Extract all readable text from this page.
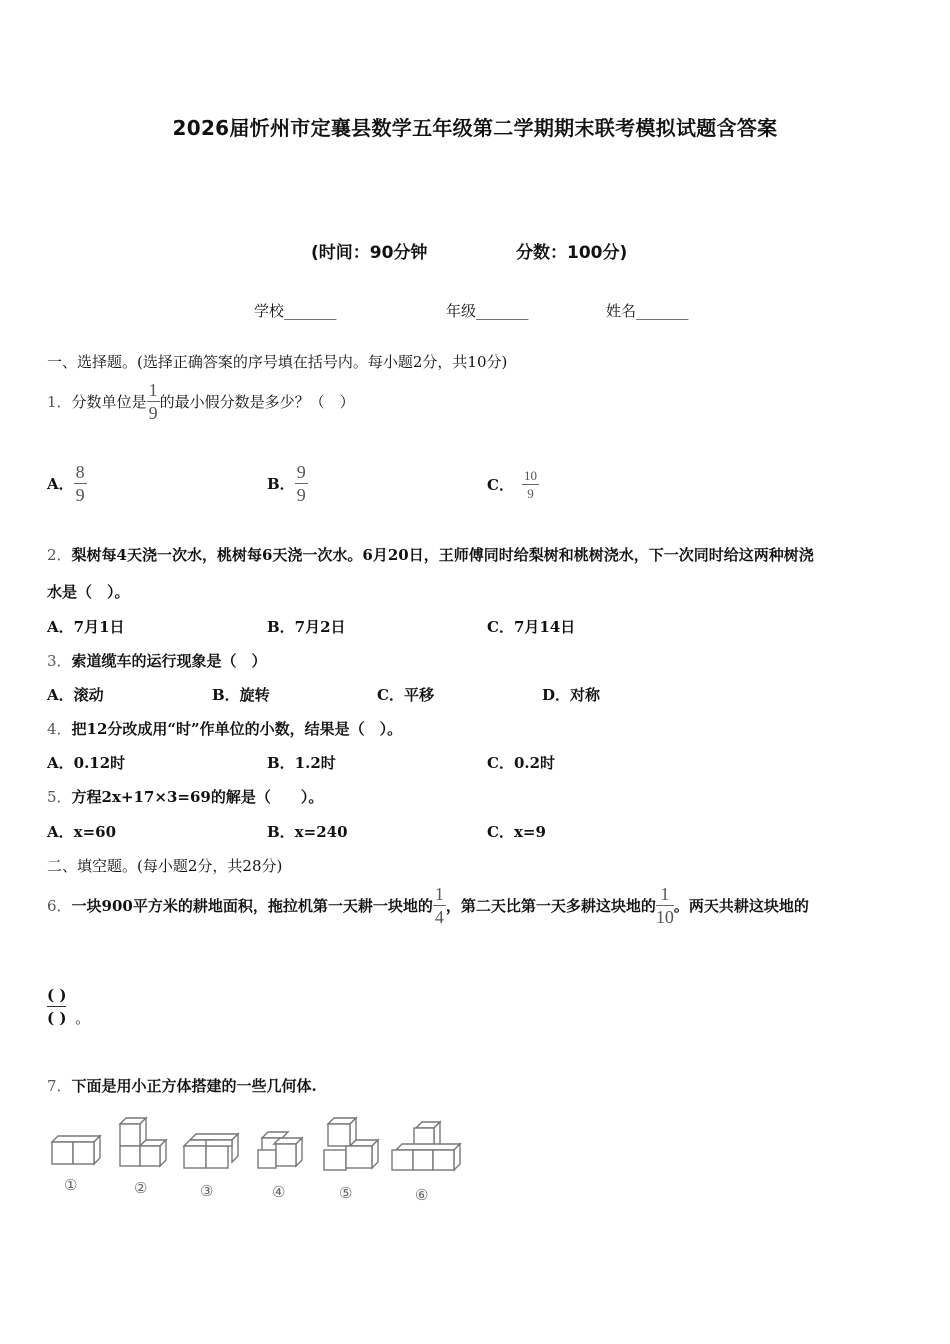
2026届忻州市定襄县数学五年级第二学期期末联考模拟试题含答案
(时间：90分钟	分数：100分)
学校_______	年级_______	姓名_______
一、选择题。(选择正确答案的序号填在括号内。每小题2分，共10分)
1． 分数单位是 $\frac{1}{9}$ 的最小假分数是多少？（　）
A． $\frac{8}{9}$	B． $\frac{9}{9}$	C． $\frac{10}{9}$
2．梨树每4天浇一次水，桃树每6天浇一次水。6月20日，王师傅同时给梨树和桃树浇水，下一次同时给这两种树浇
水是（　）。
A．7月1日	B．7月2日	C．7月14日
3．索道缆车的运行现象是（　）
A．滚动	B．旋转	C．平移	D．对称
4．把12分改成用“时”作单位的小数，结果是（　）。
A．0.12时	B．1.2时	C．0.2时
5．方程2x+17×3=69的解是（　　）。
A．x=60	B．x=240	C．x=9
二、填空题。(每小题2分，共28分)
6． 一块900平方米的耕地面积，拖拉机第一天耕一块地的 $\frac{1}{4}$ ，第二天比第一天多耕这块地的 $\frac{1}{10}$ 。两天共耕这块地的
( )
( ) 。
7．下面是用小正方体搭建的一些几何体.
①	②	③	④	⑤	⑥
